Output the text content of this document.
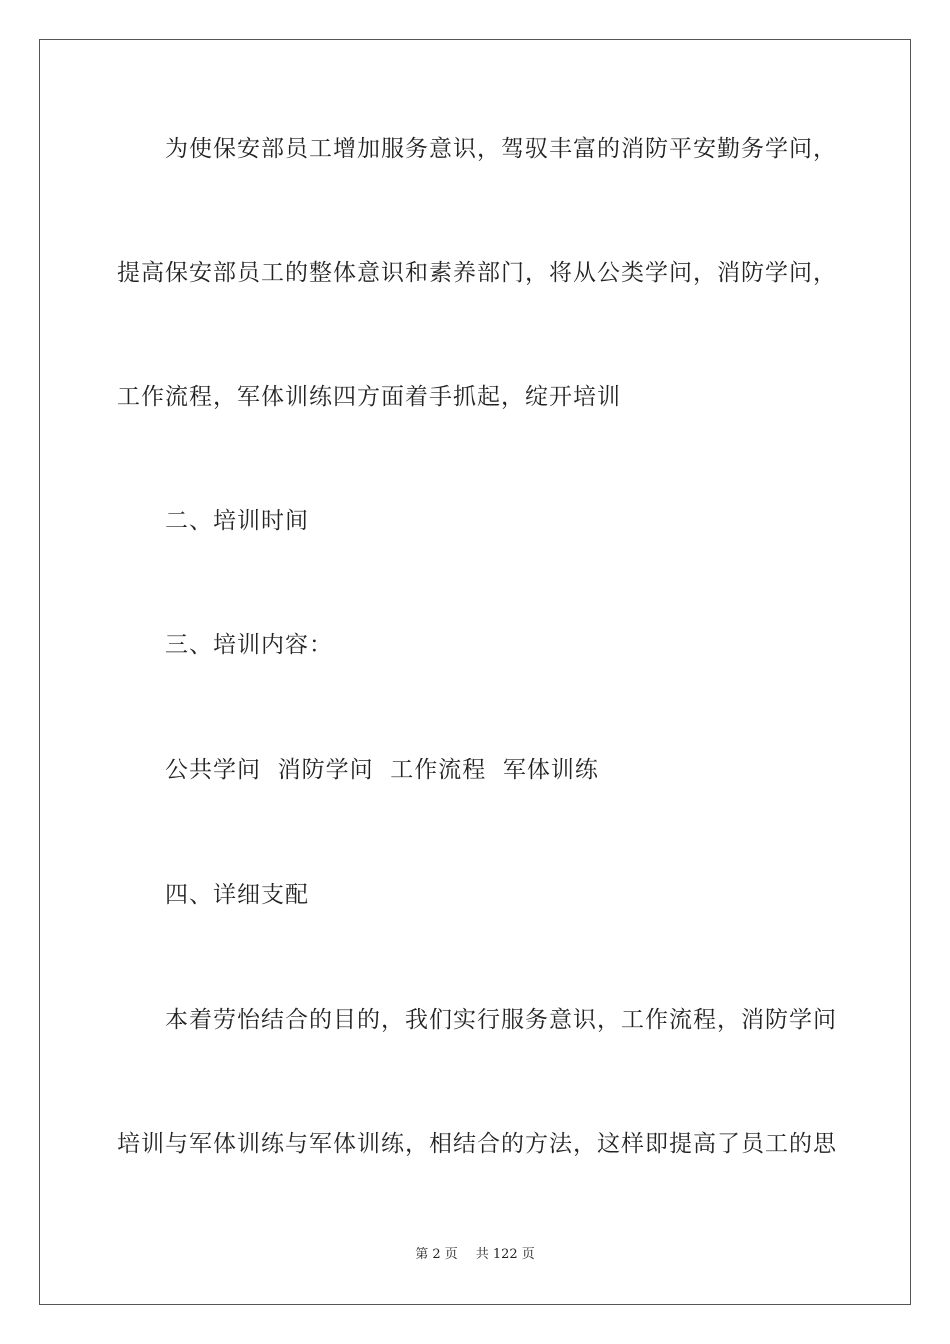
为使保安部员工增加服务意识，驾驭丰富的消防平安勤务学问，
提高保安部员工的整体意识和素养部门，将从公类学问，消防学问，
工作流程，军体训练四方面着手抓起，绽开培训
二、培训时间
三、培训内容：
公共学问  消防学问  工作流程  军体训练
四、详细支配
本着劳怡结合的目的，我们实行服务意识，工作流程，消防学问
培训与军体训练与军体训练，相结合的方法，这样即提高了员工的思
第 2 页 共 122 页
